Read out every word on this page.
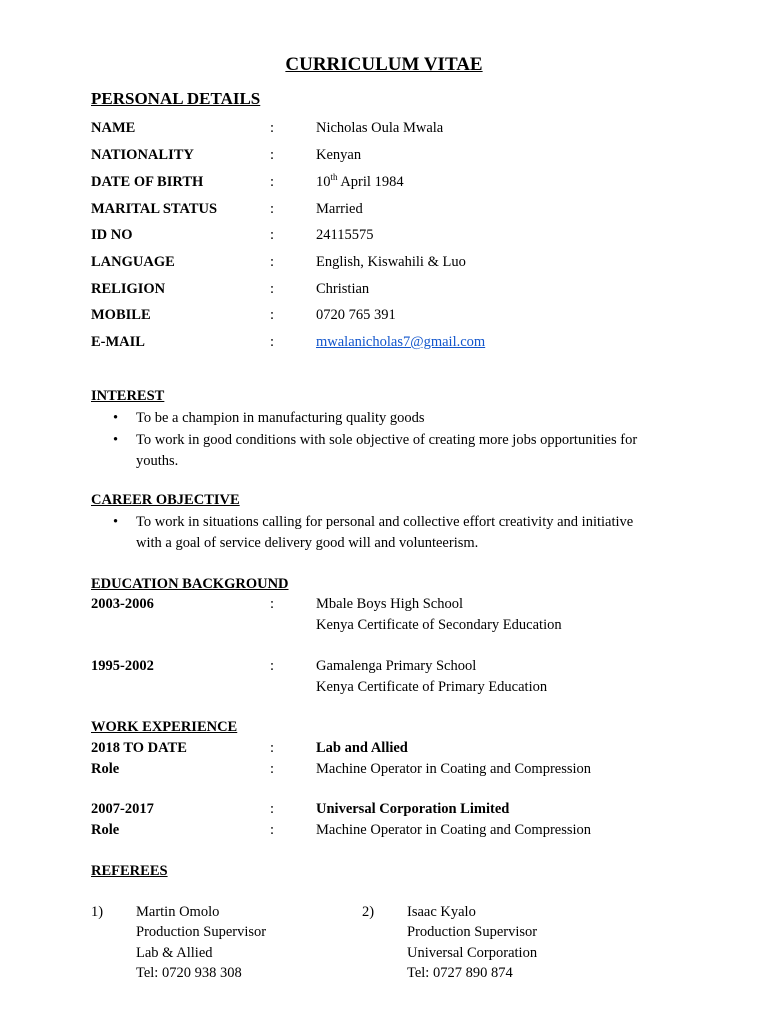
CURRICULUM VITAE
PERSONAL DETAILS
NAME	:	Nicholas Oula Mwala
NATIONALITY	:	Kenyan
DATE OF BIRTH	:	10th April 1984
MARITAL STATUS	:	Married
ID NO	:	24115575
LANGUAGE	:	English, Kiswahili & Luo
RELIGION	:	Christian
MOBILE	:	0720 765 391
E-MAIL	:	mwalanicholas7@gmail.com
INTEREST
• To be a champion in manufacturing quality goods
• To work in good conditions with sole objective of creating more jobs opportunities for
youths.
CAREER OBJECTIVE
• To work in situations calling for personal and collective effort creativity and initiative
with a goal of service delivery good will and volunteerism.
EDUCATION BACKGROUND
2003-2006	:	Mbale Boys High School
Kenya Certificate of Secondary Education
1995-2002	:	Gamalenga Primary School
Kenya Certificate of Primary Education
WORK EXPERIENCE
2018 TO DATE	:	Lab and Allied
Role	:	Machine Operator in Coating and Compression
2007-2017	:	Universal Corporation Limited
Role	:	Machine Operator in Coating and Compression
REFEREES
1) Martin Omolo
Production Supervisor
Lab & Allied
Tel: 0720 938 308
2) Isaac Kyalo
Production Supervisor
Universal Corporation
Tel: 0727 890 874
